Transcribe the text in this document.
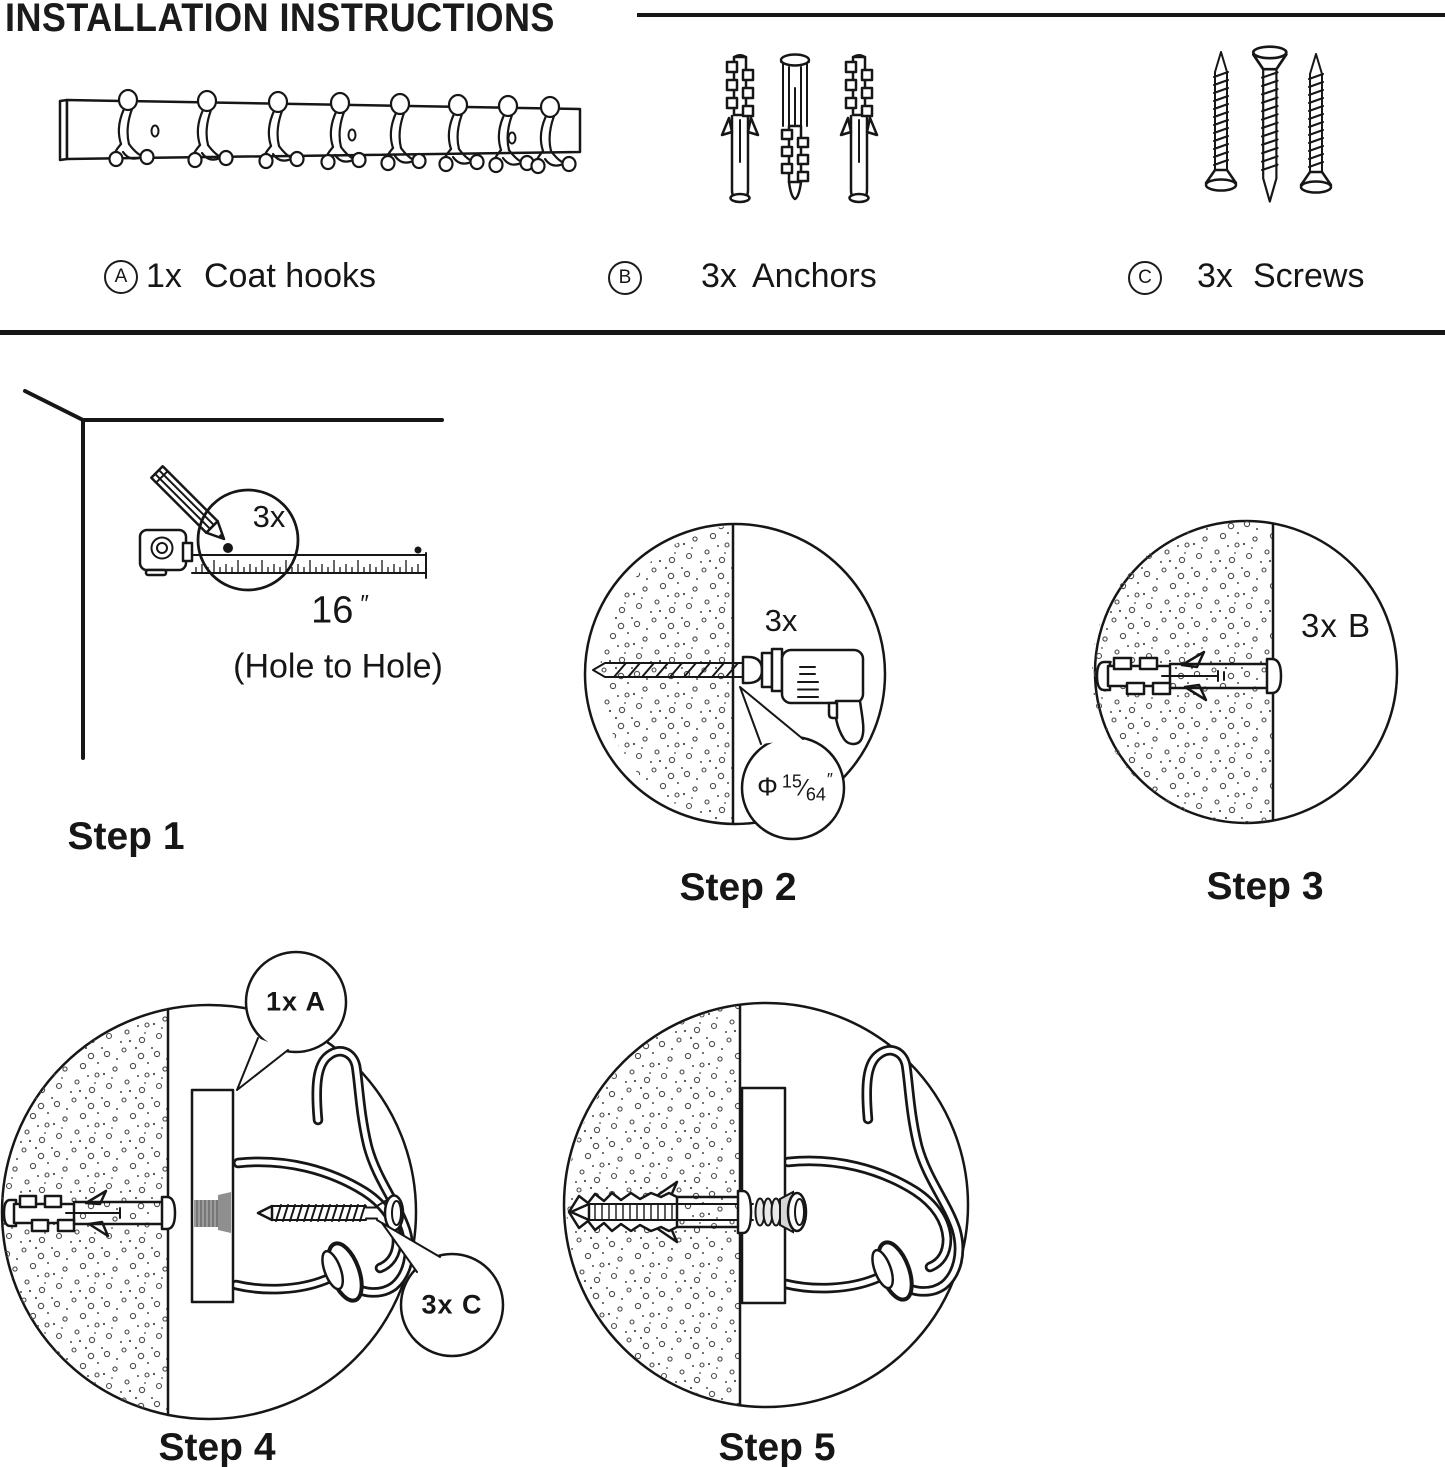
INSTALLATION INSTRUCTIONS
A 1x Coat hooks	B	3x Anchors	C 3x Screws
3x
16 ″
(Hole to Hole)
Step 1
3x
Φ $^{15}$⁄64″
Step 2
3x B
Step 3
1x A
3x C
Step 4	Step 5
